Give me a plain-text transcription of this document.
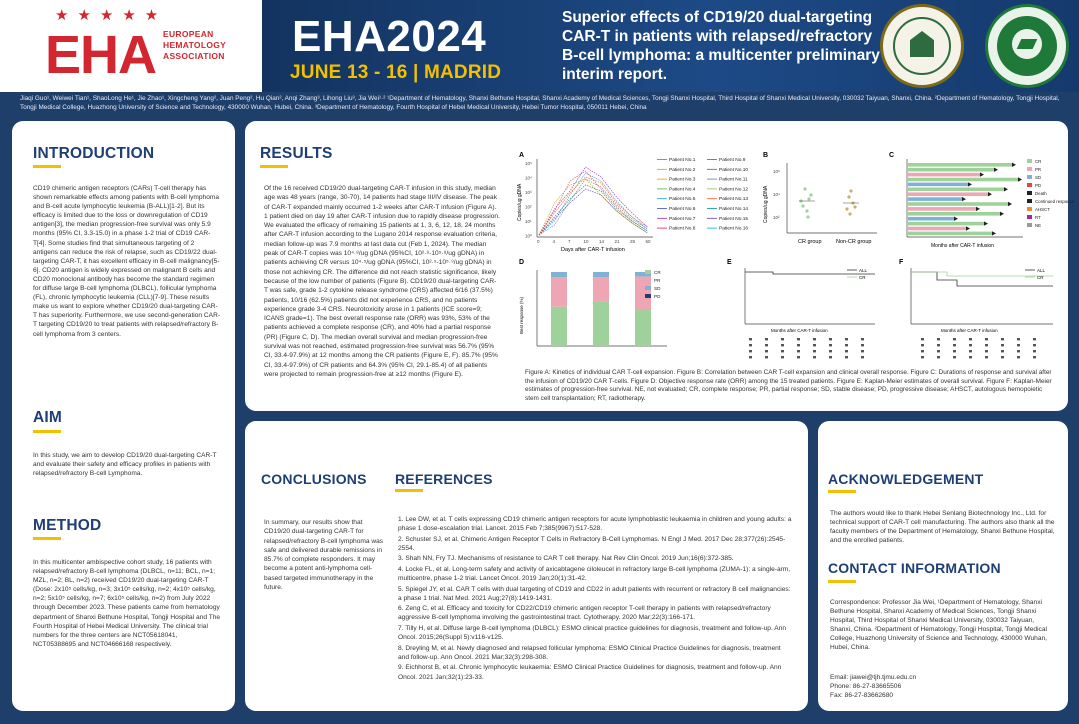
★★★★★
EHA EUROPEAN
HEMATOLOGY
ASSOCIATION EHA2024
JUNE 13 - 16 | MADRID
Superior effects of CD19/20 dual-targeting CAR-T in patients with relapsed/refractory B-cell lymphoma: a multicenter preliminary interim report.
Jiaqi Guo¹, Weiwei Tian¹, ShaoLong He¹, Jie Zhao¹, Xingcheng Yang², Juan Peng², Hu Qian², Anqi Zhang³, Lihong Liu³, Jia Wei¹·² ¹Department of Hematology, Shanxi Bethune Hospital, Shanxi Academy of Medical Sciences, Tongji Shanxi Hospital, Third Hospital of Shanxi Medical University, 030032 Taiyuan, Shanxi, China. ²Department of Hematology, Tongji Hospital, Tongji Medical College, Huazhong University of Science and Technology, 430000 Wuhan, Hubei, China. ³Department of Hematology, Fourth Hospital of Hebei Medical University, Hebei Tumor Hospital, 050011 Hebei, China
INTRODUCTION
CD19 chimeric antigen receptors (CARs) T-cell therapy has shown remarkable effects among patients with B-cell lymphoma and B-cell acute lymphocytic leukemia (B-ALL)[1-2]. But its efficacy is limited due to the loss or downregulation of CD19 antigen[3], the median progression-free survival was only 5.9 months (95% CI, 3.3-15.0) in a phase 1-2 trial of CD19 CAR-T[4]. Some studies find that simultaneous targeting of 2 antigens can reduce the risk of relapse, such as CD19/22 dual-targeting CAR-T, it has excellent efficacy in B-cell malignancy[5-6]. CD20 antigen is widely expressed on malignant B cells and CD20 monoclonal antibody has become the standard regimen for diffuse large B-cell lymphoma (DLBCL), follicular lymphoma (FL), chronic lymphocytic leukemia (CLL)[7-9]. These results make us want to explore whether CD19/20 dual-targeting CAR-T has superiority. Furthermore, we use second-generation CAR-T targeting CD19/20 to treat patients with relapsed/refractory B-cell lymphoma from 3 centers.
AIM
In this study, we aim to develop CD19/20 dual-targeting CAR-T and evaluate their safety and efficacy profiles in patients with relapsed/refractory B-cell Lymphoma.
METHOD
In this multicenter ambispective cohort study, 16 patients with relapsed/refractory B-cell lymphoma (DLBCL, n=11; BCL, n=1; MZL, n=2; BL, n=2) received CD19/20 dual-targeting CAR-T (Dose: 2x10⁵ cells/kg, n=3; 3x10⁵ cells/kg, n=2; 4x10⁵ cells/kg, n=2; 5x10⁵ cells/kg, n=7; 6x10⁵ cells/kg, n=2) from July 2022 through December 2023. These patients came from hematology department of Shanxi Bethune Hospital, Tongji Hospital and The Fourth Hospital of Hebei Medical University. The clinical trial numbers for the three centers are NCT05618041, NCT05388695 and NCT04666168 respectively.
RESULTS
Of the 16 received CD19/20 dual-targeting CAR-T infusion in this study, median age was 48 years (range, 30-70), 14 patients had stage III/IV disease. The peak of CAR-T expanded mainly occurred 1-2 weeks after CAR-T infusion (Figure A). 1 patient died on day 19 after CAR-T infusion due to rapidly disease progression. We evaluated the efficacy of remaining 15 patients at 1, 3, 6, 12, 18, 24 months after CAR-T infusion according to the Lugano 2014 response evaluation criteria, median follow-up was 7.9 months at last data cut (Feb 1, 2024). The median peak of CAR-T copies was 10⁴·⁸/ug gDNA (95%CI, 10²·⁸-10⁵·⁸/ug gDNA) in patients achieving CR versus 10⁴·⁵/ug gDNA (95%CI, 10²·⁵-10⁵·⁹/ug gDNA) in those not achieving CR. The difference did not reach statistic significance, likely because of the low number of patients (Figure B). CD19/20 dual-targeting CAR-T was safe, grade 1-2 cytokine release syndrome (CRS) affected 6/16 (37.5%) patients, 10/16 (62.5%) patients did not experience CRS, and no patients experience grade 3-4 CRS. Neurotoxicity arose in 1 patients (ICE score=9; ICANS grade=1). The best overall response rate (ORR) was 93%, 53% of the patients achieved a complete response (CR), and 40% had a partial response (PR) (Figure C, D). The median overall survival and median progression-free survival was not reached, estimated progression-free survival was 56.7% (95% CI, 33.4-97.9%) at 12 months among the CR patients (Figure E, F). 85.7% (95% CI, 33.4-97.9%) of CR patients and 64.3% (95% CI, 29.1-85.4) of all patients were projected to remain progression-free at ≥12 months (Figure E).
A
Copies/ug gDNA
10⁵
10⁴
10³
10²
10¹
10⁰
0	4	7	10 14 21 28 60
Days after CAR-T infusion
Patient No.1
Patient No.2
Patient No.3
Patient No.4
Patient No.5
Patient No.6
Patient No.7
Patient No.8
Patient No.9
Patient No.10
Patient No.11
Patient No.12
Patient No.13
Patient No.14
Patient No.15
Patient No.16
B
Copies/ug gDNA
10⁶
10⁴
10²
CR group	Non-CR group
C
Months after CAR-T infusion
CR
PR
SD
PD
Death
Continued response
AHSCT
RT
NE
D
Best response (%)
CR
PR
SD
PD
E
ALL
CR
Months after CAR-T infusion
F
ALL
CR
Months after CAR-T infusion
Figure A: Kinetics of individual CAR T-cell expansion. Figure B: Correlation between CAR T-cell expansion and clinical overall response. Figure C: Durations of response and survival after the infusion of CD19/20 CAR T-cells. Figure D: Objective response rate (ORR) among the 15 treated patients. Figure E: Kaplan-Meier estimates of overall survival. Figure F: Kaplan-Meier estimates of progression-free survival. NE, not evaluated; CR, complete response; PR, partial response; SD, stable disease; PD, progressive disease; AHSCT, autologous hemopoietic stem cell transplantation; RT, radiotherapy.
CONCLUSIONS
In summary, our results show that CD19/20 dual-targeting CAR-T for relapsed/refractory B-cell lymphoma was safe and delivered durable remissions in 85.7% of complete responders. It may become a potent anti-lymphoma cell-based targeted immunotherapy in the future.
REFERENCES
1. Lee DW, et al. T cells expressing CD19 chimeric antigen receptors for acute lymphoblastic leukaemia in children and young adults: a phase 1 dose-escalation trial. Lancet. 2015 Feb 7;385(9967):517-528.
2. Schuster SJ, et al. Chimeric Antigen Receptor T Cells in Refractory B-Cell Lymphomas. N Engl J Med. 2017 Dec 28;377(26):2545-2554.
3. Shah NN, Fry TJ. Mechanisms of resistance to CAR T cell therapy. Nat Rev Clin Oncol. 2019 Jun;16(6):372-385.
4. Locke FL, et al. Long-term safety and activity of axicabtagene ciloleucel in refractory large B-cell lymphoma (ZUMA-1): a single-arm, multicentre, phase 1-2 trial. Lancet Oncol. 2019 Jan;20(1):31-42.
5. Spiegel JY, et al. CAR T cells with dual targeting of CD19 and CD22 in adult patients with recurrent or refractory B cell malignancies: a phase 1 trial. Nat Med. 2021 Aug;27(8):1419-1431.
6. Zeng C, et al. Efficacy and toxicity for CD22/CD19 chimeric antigen receptor T-cell therapy in patients with relapsed/refractory aggressive B-cell lymphoma involving the gastrointestinal tract. Cytotherapy. 2020 Mar;22(3):166-171.
7. Tilly H, et al. Diffuse large B-cell lymphoma (DLBCL): ESMO clinical practice guidelines for diagnosis, treatment and follow-up. Ann Oncol. 2015;26(Suppl 5):v116-v125.
8. Dreyling M, et al. Newly diagnosed and relapsed follicular lymphoma: ESMO Clinical Practice Guidelines for diagnosis, treatment and follow-up. Ann Oncol. 2021 Mar;32(3):298-308.
9. Eichhorst B, et al. Chronic lymphocytic leukaemia: ESMO Clinical Practice Guidelines for diagnosis, treatment and follow-up. Ann Oncol. 2021 Jan;32(1):23-33.
ACKNOWLEDGEMENT
The authors would like to thank Hebei Senlang Biotechnology Inc., Ltd. for technical support of CAR-T cell manufacturing. The authors also thank all the faculty members of the Department of Hematology, Shanxi Bethune Hospital, and the enrolled patients.
CONTACT INFORMATION
Correspondence: Professor Jia Wei, ¹Department of Hematology, Shanxi Bethune Hospital, Shanxi Academy of Medical Sciences, Tongji Shanxi Hospital, Third Hospital of Shanxi Medical University, 030032 Taiyuan, Shanxi, China. ²Department of Hematology, Tongji Hospital, Tongji Medical College, Huazhong University of Science and Technology, 430000 Wuhan, Hubei, China.
Email: jiawei@tjh.tjmu.edu.cn
Phone: 86-27-83665506
Fax: 86-27-83662680
